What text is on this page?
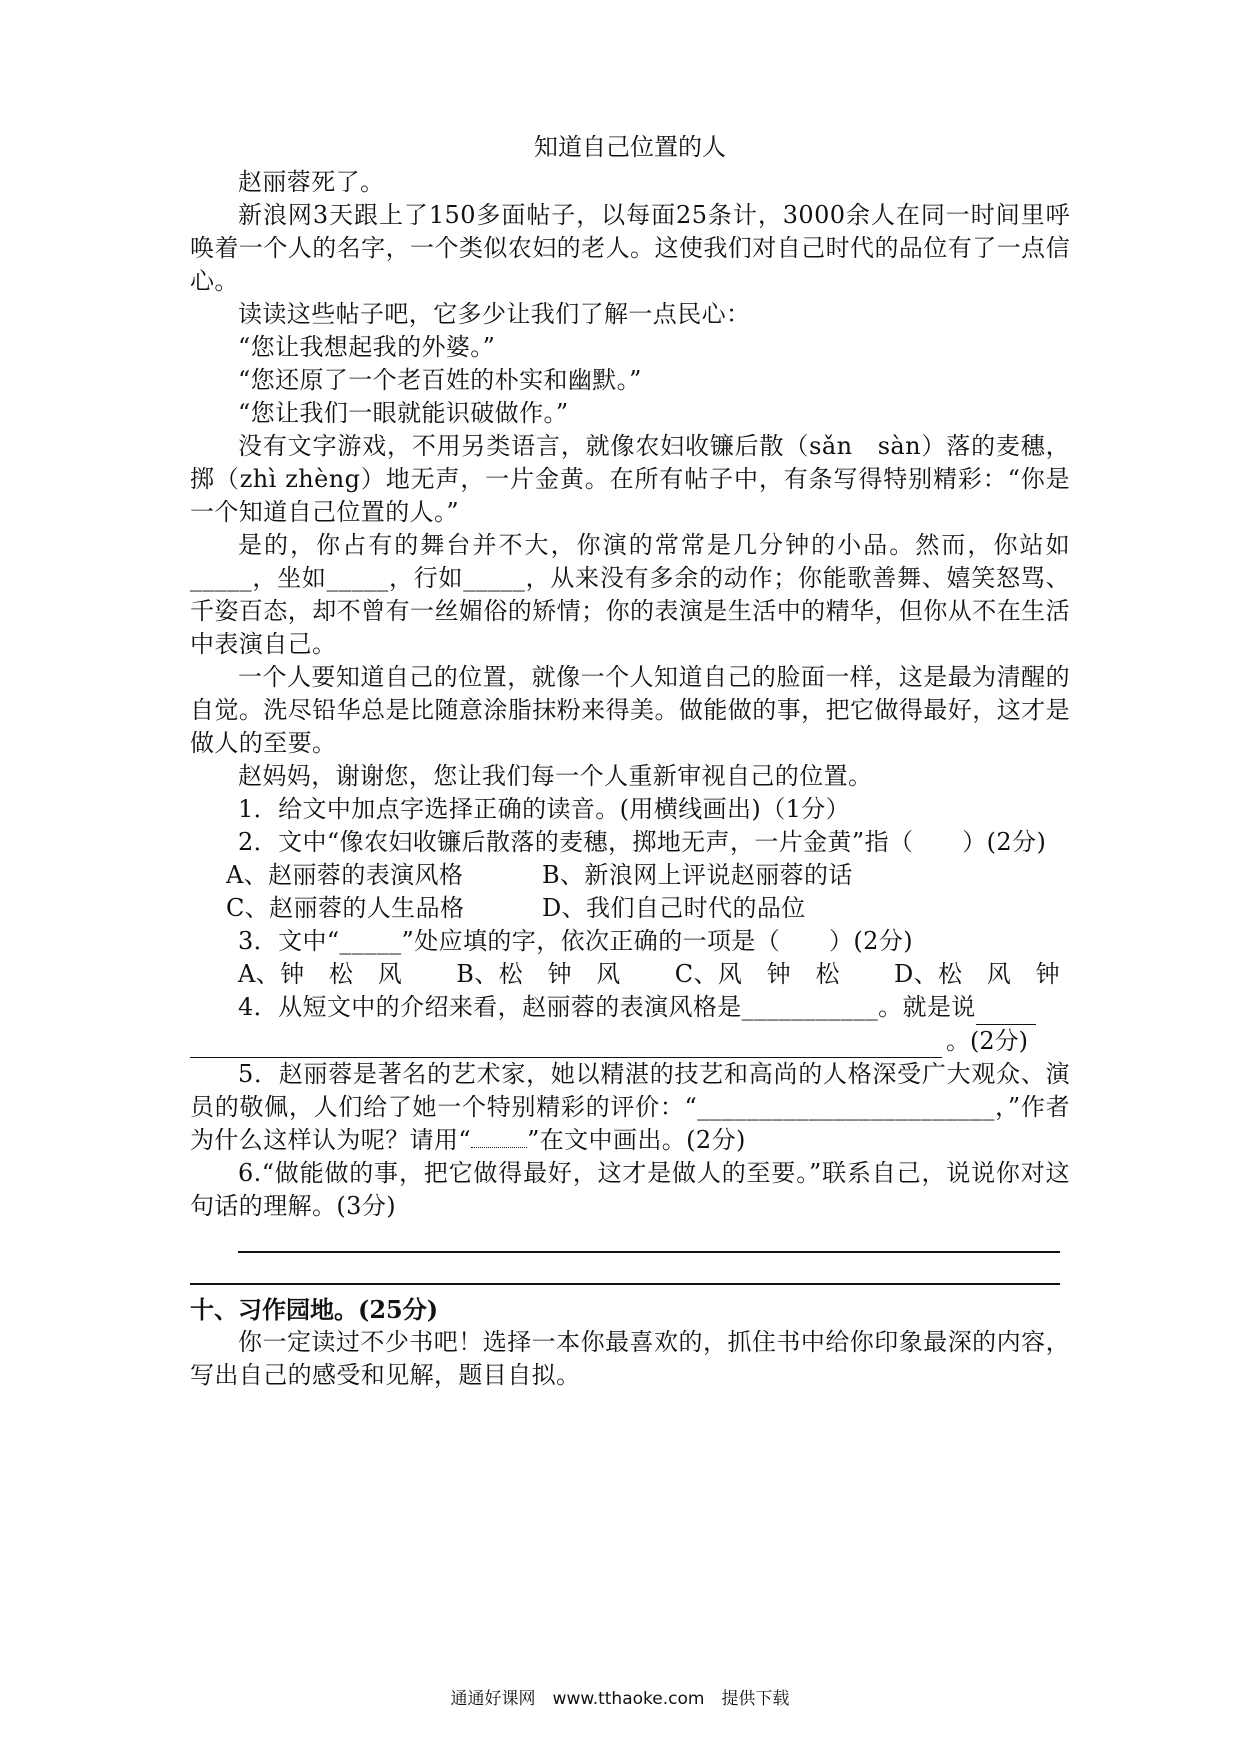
知道自己位置的人

赵丽蓉死了。

新浪网3天跟上了150多面帖子，以每面25条计，3000余人在同一时间里呼唤着一个人的名字，一个类似农妇的老人。这使我们对自己时代的品位有了一点信心。

读读这些帖子吧，它多少让我们了解一点民心：

“您让我想起我的外婆。”

“您还原了一个老百姓的朴实和幽默。”

“您让我们一眼就能识破做作。”

没有文字游戏，不用另类语言，就像农妇收镰后散（sǎn　sàn）落的麦穗，掷（zhì zhèng）地无声，一片金黄。在所有帖子中，有条写得特别精彩：“你是一个知道自己位置的人。”

是的，你占有的舞台并不大，你演的常常是几分钟的小品。然而，你站如_____，坐如_____，行如_____，从来没有多余的动作；你能歌善舞、嬉笑怒骂、千姿百态，却不曾有一丝媚俗的矫情；你的表演是生活中的精华，但你从不在生活中表演自己。

一个人要知道自己的位置，就像一个人知道自己的脸面一样，这是最为清醒的自觉。洗尽铅华总是比随意涂脂抹粉来得美。做能做的事，把它做得最好，这才是做人的至要。

赵妈妈，谢谢您，您让我们每一个人重新审视自己的位置。

1．给文中加点字选择正确的读音。(用横线画出)（1分）

2．文中“像农妇收镰后散落的麦穗，掷地无声，一片金黄”指（　　）(2分)

A、赵丽蓉的表演风格	B、新浪网上评说赵丽蓉的话
C、赵丽蓉的人生品格	D、我们自己时代的品位

3．文中“_____”处应填的字，依次正确的一项是（　　）(2分)

A、钟　松　风 B、松　钟　风 C、风　钟　松 D、松　风　钟

4．从短文中的介绍来看，赵丽蓉的表演风格是___________。就是说

。(2分)

5．赵丽蓉是著名的艺术家，她以精湛的技艺和高尚的人格深受广大观众、演员的敬佩，人们给了她一个特别精彩的评价：“________________________，”作者为什么这样认为呢？请用“ ”在文中画出。(2分)

6.“做能做的事，把它做得最好，这才是做人的至要。”联系自己，说说你对这句话的理解。(3分)

十、习作园地。(25分)

你一定读过不少书吧！选择一本你最喜欢的，抓住书中给你印象最深的内容，写出自己的感受和见解，题目自拟。

通通好课网　www.tthaoke.com　提供下载
